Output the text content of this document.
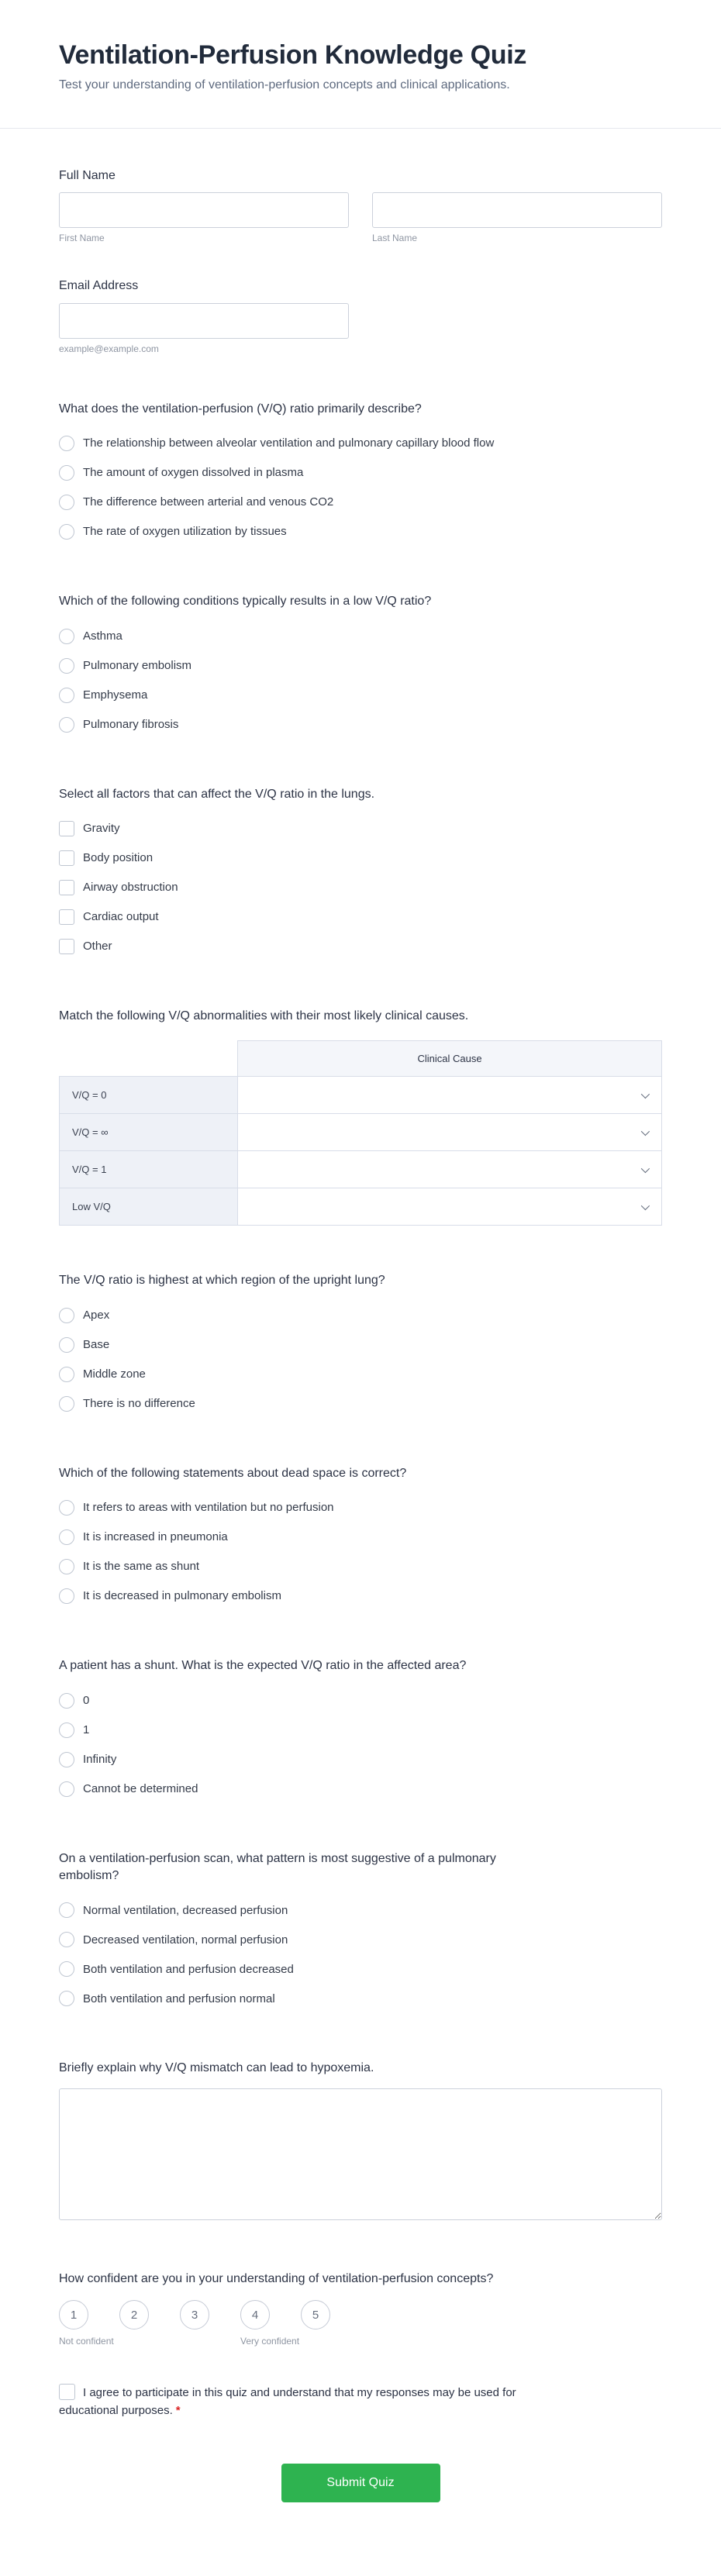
Ventilation-Perfusion Knowledge Quiz

Test your understanding of ventilation-perfusion concepts and clinical applications.

Full Name
First Name	Last Name
Email Address
example@example.com
What does the ventilation-perfusion (V/Q) ratio primarily describe?
The relationship between alveolar ventilation and pulmonary capillary blood flow
The amount of oxygen dissolved in plasma
The difference between arterial and venous CO2
The rate of oxygen utilization by tissues
Which of the following conditions typically results in a low V/Q ratio?
Asthma
Pulmonary embolism
Emphysema
Pulmonary fibrosis
Select all factors that can affect the V/Q ratio in the lungs.
Gravity
Body position
Airway obstruction
Cardiac output
Other
Match the following V/Q abnormalities with their most likely clinical causes.
	Clinical Cause
V/Q = 0	
V/Q = ∞	
V/Q = 1	
Low V/Q	
The V/Q ratio is highest at which region of the upright lung?
Apex
Base
Middle zone
There is no difference
Which of the following statements about dead space is correct?
It refers to areas with ventilation but no perfusion
It is increased in pneumonia
It is the same as shunt
It is decreased in pulmonary embolism
A patient has a shunt. What is the expected V/Q ratio in the affected area?
0
1
Infinity
Cannot be determined
On a ventilation-perfusion scan, what pattern is most suggestive of a pulmonary embolism?
Normal ventilation, decreased perfusion
Decreased ventilation, normal perfusion
Both ventilation and perfusion decreased
Both ventilation and perfusion normal
Briefly explain why V/Q mismatch can lead to hypoxemia.
How confident are you in your understanding of ventilation-perfusion concepts?
1	2	3	4	5
Not confident	Very confident
I agree to participate in this quiz and understand that my responses may be used for educational purposes. *
Submit Quiz
